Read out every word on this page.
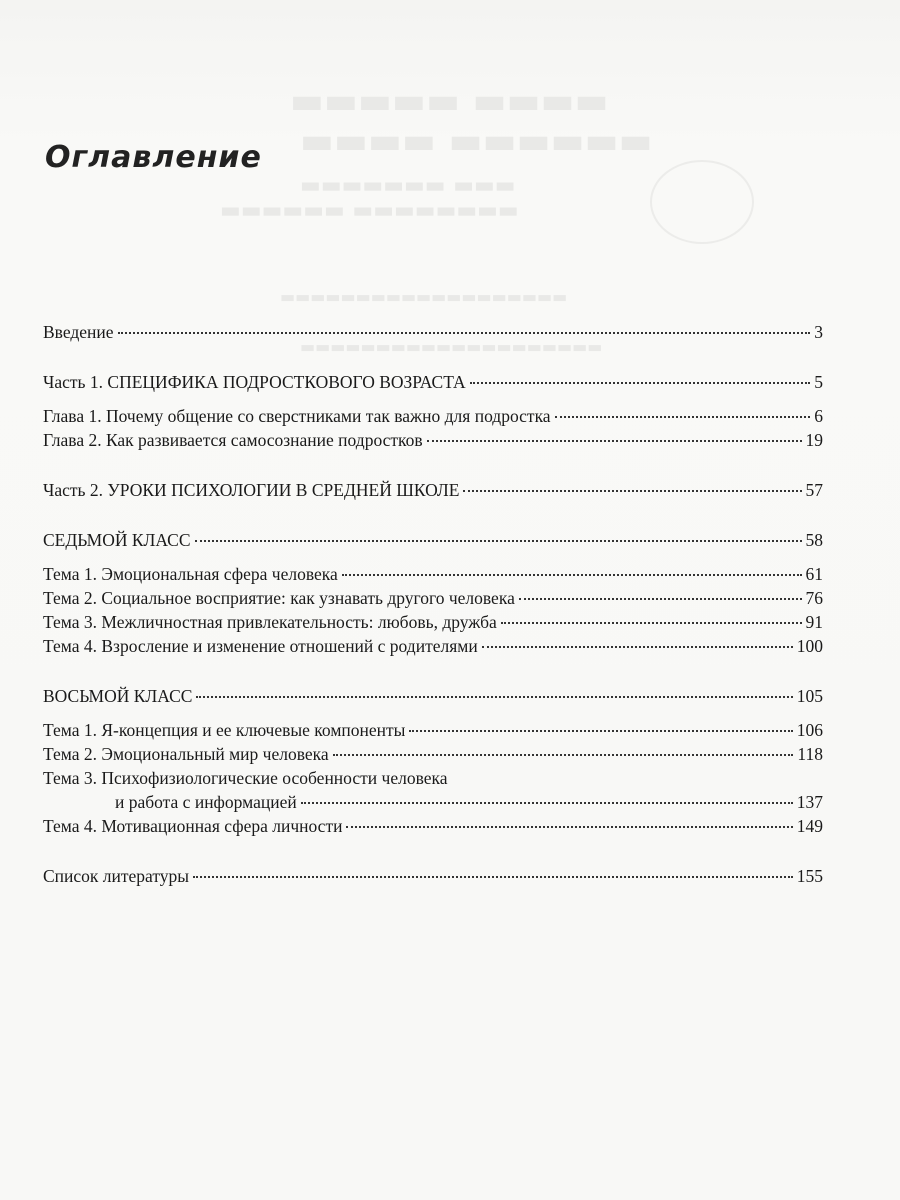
▬▬▬▬ ▬▬▬▬▬
▬▬▬▬▬▬ ▬▬▬▬
▬▬▬ ▬▬▬▬▬▬▬
▬▬▬▬▬▬▬▬ ▬▬▬▬▬▬
▬▬▬▬▬▬▬▬▬▬▬▬▬▬▬▬▬▬▬
▬▬▬▬▬▬▬▬▬▬▬▬▬▬▬▬▬▬▬▬
Оглавление
Введение	3
Часть 1. СПЕЦИФИКА ПОДРОСТКОВОГО ВОЗРАСТА	5
Глава 1. Почему общение со сверстниками так важно для подростка	6
Глава 2. Как развивается самосознание подростков	19
Часть 2. УРОКИ ПСИХОЛОГИИ В СРЕДНЕЙ ШКОЛЕ	57
СЕДЬМОЙ КЛАСС	58
Тема 1. Эмоциональная сфера человека	61
Тема 2. Социальное восприятие: как узнавать другого человека	76
Тема 3. Межличностная привлекательность: любовь, дружба	91
Тема 4. Взросление и изменение отношений с родителями	100
ВОСЬМОЙ КЛАСС	105
Тема 1. Я-концепция и ее ключевые компоненты	106
Тема 2. Эмоциональный мир человека	118
Тема 3. Психофизиологические особенности человека
и работа с информацией	137
Тема 4. Мотивационная сфера личности	149
Список литературы	155
